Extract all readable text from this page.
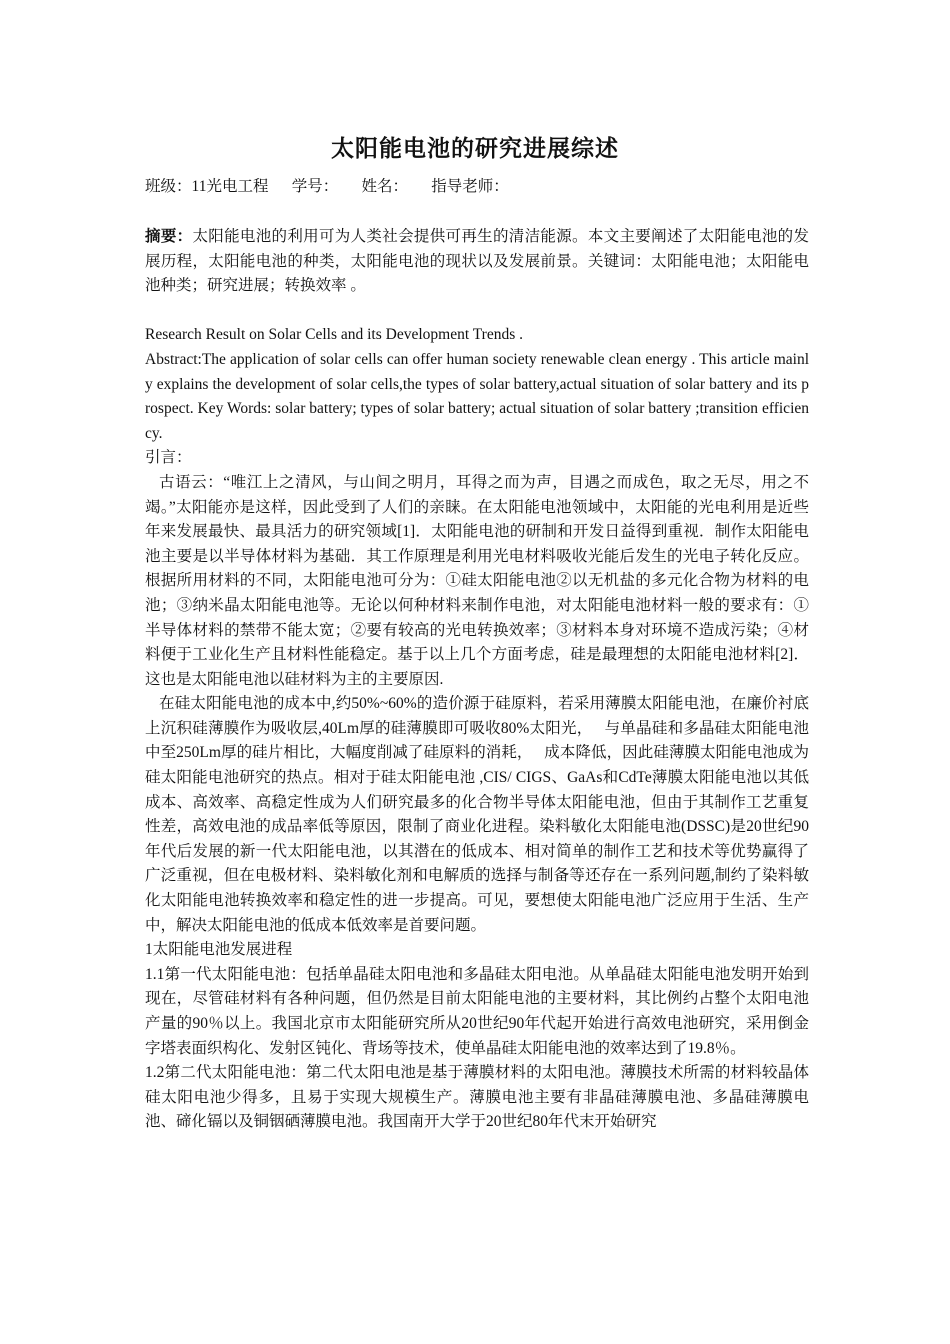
太阳能电池的研究进展综述
班级：11光电工程 学号： 姓名： 指导老师：

摘要：太阳能电池的利用可为人类社会提供可再生的清洁能源。本文主要阐述了太阳能电池的发展历程，太阳能电池的种类，太阳能电池的现状以及发展前景。关键词：太阳能电池；太阳能电池种类；研究进展；转换效率 。

Research Result on Solar Cells and its Development Trends .

Abstract:The application of solar cells can offer human society renewable clean energy . This article mainly explains the development of solar cells,the types of solar battery,actual situation of solar battery and its prospect. Key Words: solar battery; types of solar battery; actual situation of solar battery ;transition efficiency.

引言：

古语云：“唯江上之清风，与山间之明月，耳得之而为声，目遇之而成色，取之无尽，用之不竭。”太阳能亦是这样，因此受到了人们的亲睐。在太阳能电池领域中，太阳能的光电利用是近些年来发展最快、最具活力的研究领域[1]．太阳能电池的研制和开发日益得到重视．制作太阳能电池主要是以半导体材料为基础．其工作原理是利用光电材料吸收光能后发生的光电子转化反应。根据所用材料的不同，太阳能电池可分为：①硅太阳能电池②以无机盐的多元化合物为材料的电池；③纳米晶太阳能电池等。无论以何种材料来制作电池，对太阳能电池材料一般的要求有：①半导体材料的禁带不能太宽；②要有较高的光电转换效率；③材料本身对环境不造成污染；④材料便于工业化生产且材料性能稳定。基于以上几个方面考虑，硅是最理想的太阳能电池材料[2]．这也是太阳能电池以硅材料为主的主要原因.

在硅太阳能电池的成本中,约50%~60%的造价源于硅原料，若采用薄膜太阳能电池，在廉价衬底上沉积硅薄膜作为吸收层,40Lm厚的硅薄膜即可吸收80%太阳光，　 与单晶硅和多晶硅太阳能电池中至250Lm厚的硅片相比，大幅度削减了硅原料的消耗，　 成本降低，因此硅薄膜太阳能电池成为硅太阳能电池研究的热点。相对于硅太阳能电池 ,CIS/ CIGS、GaAs和CdTe薄膜太阳能电池以其低成本、高效率、高稳定性成为人们研究最多的化合物半导体太阳能电池，但由于其制作工艺重复性差，高效电池的成品率低等原因，限制了商业化进程。染料敏化太阳能电池(DSSC)是20世纪90年代后发展的新一代太阳能电池，以其潜在的低成本、相对简单的制作工艺和技术等优势赢得了广泛重视，但在电极材料、染料敏化剂和电解质的选择与制备等还存在一系列问题,制约了染料敏化太阳能电池转换效率和稳定性的进一步提高。可见，要想使太阳能电池广泛应用于生活、生产中，解决太阳能电池的低成本低效率是首要问题。

1太阳能电池发展进程

1.1第一代太阳能电池：包括单晶硅太阳电池和多晶硅太阳电池。从单晶硅太阳能电池发明开始到现在，尽管硅材料有各种问题，但仍然是目前太阳能电池的主要材料，其比例约占整个太阳电池产量的90％以上。我国北京市太阳能研究所从20世纪90年代起开始进行高效电池研究，采用倒金字塔表面织构化、发射区钝化、背场等技术，使单晶硅太阳能电池的效率达到了19.8％。

1.2第二代太阳能电池：第二代太阳电池是基于薄膜材料的太阳电池。薄膜技术所需的材料较晶体硅太阳电池少得多，且易于实现大规模生产。薄膜电池主要有非晶硅薄膜电池、多晶硅薄膜电池、碲化镉以及铜铟硒薄膜电池。我国南开大学于20世纪80年代末开始研究
